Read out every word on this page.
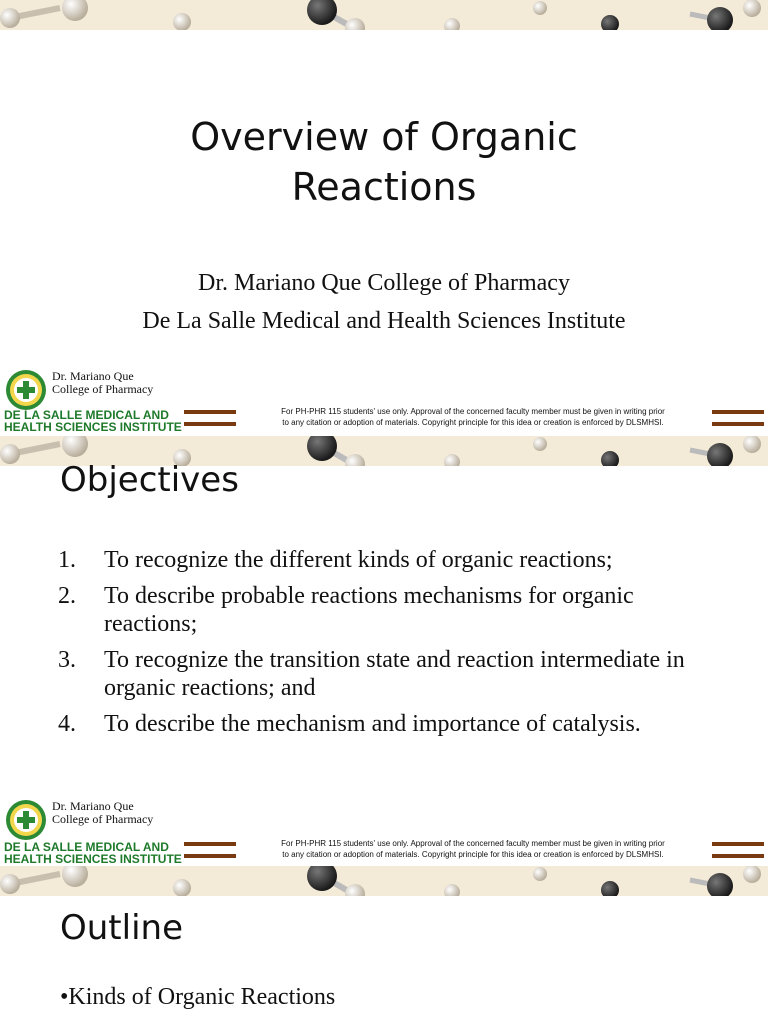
Overview of Organic
Reactions

Dr. Mariano Que College of Pharmacy

De La Salle Medical and Health Sciences Institute

Dr. Mariano Que
College of Pharmacy
DE LA SALLE MEDICAL AND
HEALTH SCIENCES INSTITUTE
For PH-PHR 115 students' use only. Approval of the concerned faculty member must be given in writing prior
to any citation or adoption of materials. Copyright principle for this idea or creation is enforced by DLSMHSI.
Objectives
1.	To recognize the different kinds of organic reactions;
2.	To describe probable reactions mechanisms for organic reactions;
3.	To recognize the transition state and reaction intermediate in organic reactions; and
4.	To describe the mechanism and importance of catalysis.
Dr. Mariano Que
College of Pharmacy
DE LA SALLE MEDICAL AND
HEALTH SCIENCES INSTITUTE
For PH-PHR 115 students' use only. Approval of the concerned faculty member must be given in writing prior
to any citation or adoption of materials. Copyright principle for this idea or creation is enforced by DLSMHSI.
Outline
•Kinds of Organic Reactions
